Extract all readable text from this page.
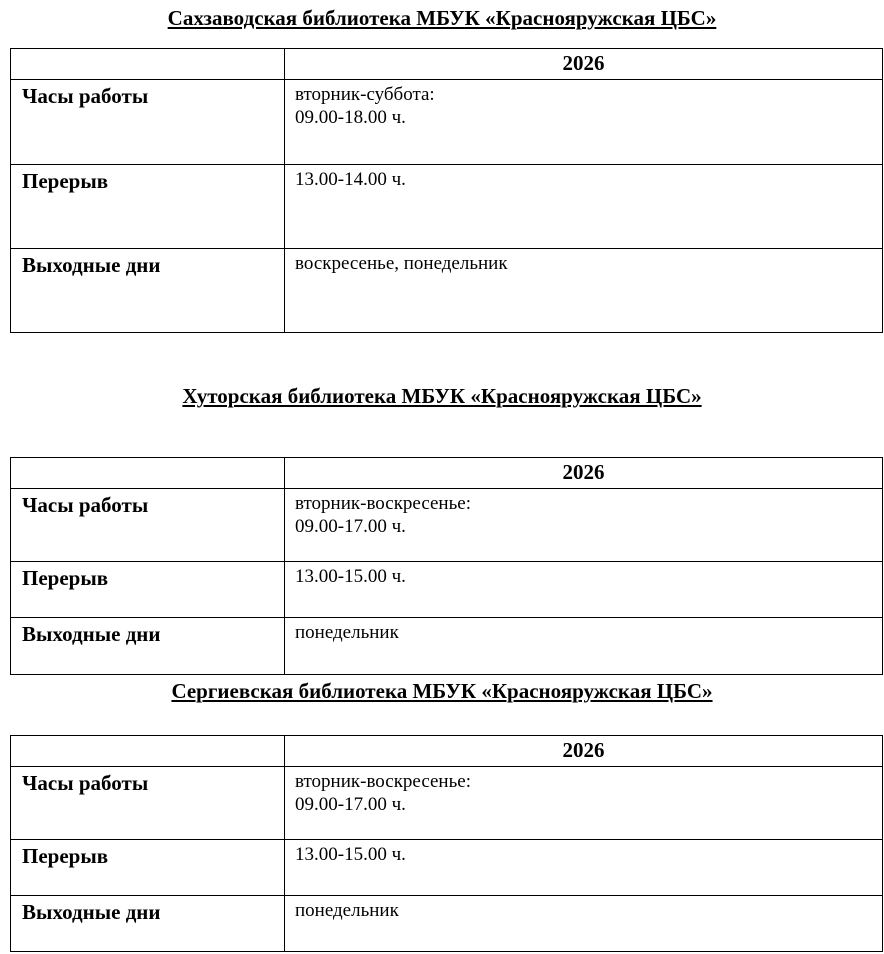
Сахзаводская библиотека МБУК «Краснояружская ЦБС»
	2026
Часы работы	вторник-суббота:
09.00-18.00 ч.

Перерыв	13.00-14.00 ч.

Выходные дни	воскресенье, понедельник
Хуторская библиотека МБУК «Краснояружская ЦБС»
	2026
Часы работы	вторник-воскресенье:
09.00-17.00 ч.

Перерыв	13.00-15.00 ч.

Выходные дни	понедельник
Сергиевская библиотека МБУК «Краснояружская ЦБС»
	2026
Часы работы	вторник-воскресенье:
09.00-17.00 ч.

Перерыв	13.00-15.00 ч.

Выходные дни	понедельник
